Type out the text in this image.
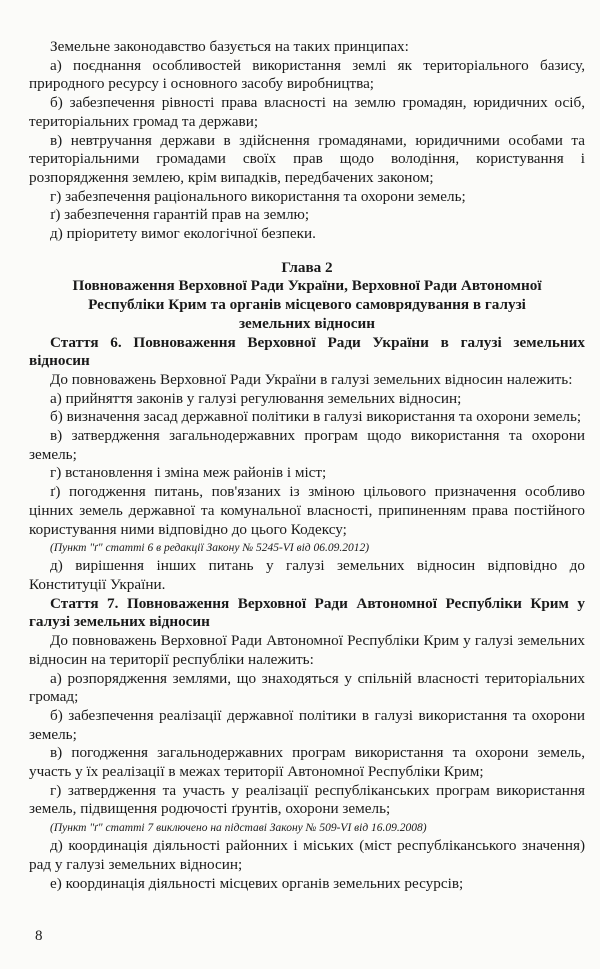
Земельне законодавство базується на таких принципах:

а) поєднання особливостей використання землі як територіального базису, природного ресурсу і основного засобу виробництва;

б) забезпечення рівності права власності на землю громадян, юридичних осіб, територіальних громад та держави;

в) невтручання держави в здійснення громадянами, юридичними особами та територіальними громадами своїх прав щодо володіння, користування і розпорядження землею, крім випадків, передбачених законом;

г) забезпечення раціонального використання та охорони земель;

ґ) забезпечення гарантій прав на землю;

д) пріоритету вимог екологічної безпеки.

Глава 2

Повноваження Верховної Ради України, Верховної Ради Автономної

Республіки Крим та органів місцевого самоврядування в галузі

земельних відносин

Стаття 6. Повноваження Верховної Ради України в галузі земельних відносин

До повноважень Верховної Ради України в галузі земельних відносин належить:

а) прийняття законів у галузі регулювання земельних відносин;

б) визначення засад державної політики в галузі використання та охорони земель;

в) затвердження загальнодержавних програм щодо використання та охорони земель;

г) встановлення і зміна меж районів і міст;

ґ) погодження питань, пов'язаних із зміною цільового призначення особливо цінних земель державної та комунальної власності, припиненням права постійного користування ними відповідно до цього Кодексу;

(Пункт "ґ" статті 6 в редакції Закону № 5245-VI від 06.09.2012)

д) вирішення інших питань у галузі земельних відносин відповідно до Конституції України.

Стаття 7. Повноваження Верховної Ради Автономної Республіки Крим у галузі земельних відносин

До повноважень Верховної Ради Автономної Республіки Крим у галузі земельних відносин на території республіки належить:

а) розпорядження землями, що знаходяться у спільній власності територіальних громад;

б) забезпечення реалізації державної політики в галузі використання та охорони земель;

в) погодження загальнодержавних програм використання та охорони земель, участь у їх реалізації в межах території Автономної Республіки Крим;

г) затвердження та участь у реалізації республіканських програм використання земель, підвищення родючості ґрунтів, охорони земель;

(Пункт "ґ" статті 7 виключено на підставі Закону № 509-VI від 16.09.2008)

д) координація діяльності районних і міських (міст республіканського значення) рад у галузі земельних відносин;

е) координація діяльності місцевих органів земельних ресурсів;

8
